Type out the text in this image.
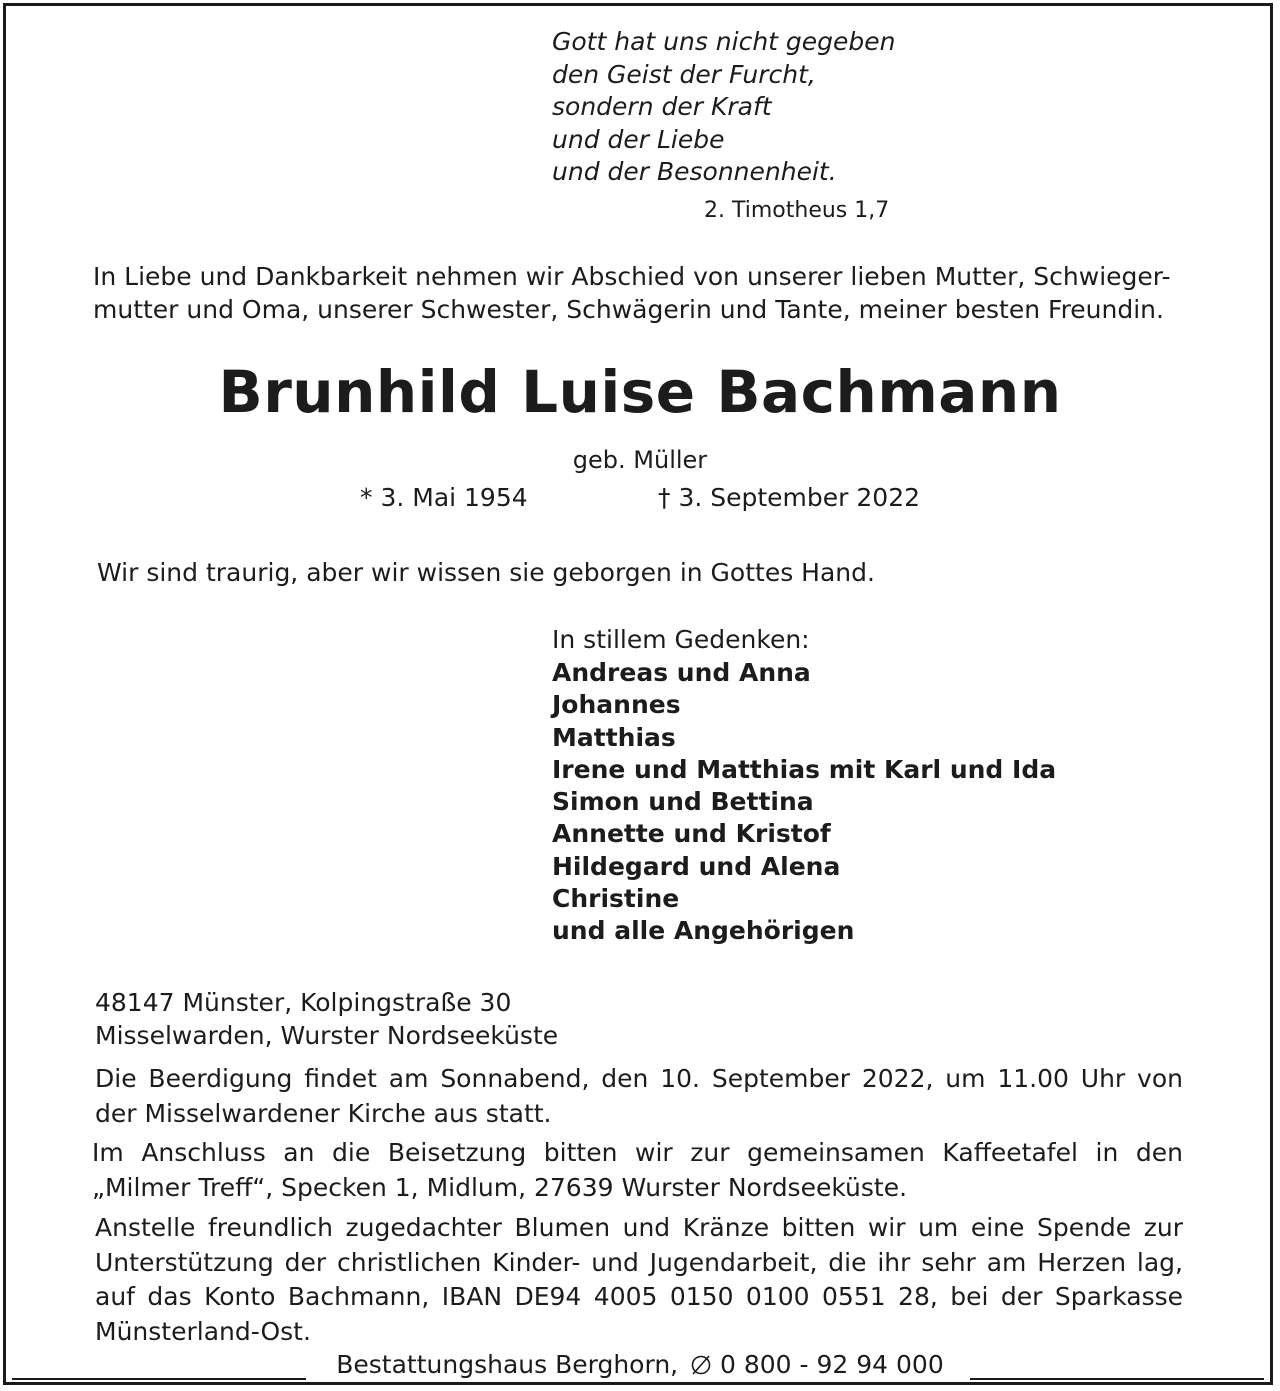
Gott hat uns nicht gegeben
den Geist der Furcht,
sondern der Kraft
und der Liebe
und der Besonnenheit.
2. Timotheus 1,7
In Liebe und Dankbarkeit nehmen wir Abschied von unserer lieben Mutter, Schwieger-
mutter und Oma, unserer Schwester, Schwägerin und Tante, meiner besten Freundin.
Brunhild Luise Bachmann
geb. Müller
* 3. Mai 1954	† 3. September 2022
Wir sind traurig, aber wir wissen sie geborgen in Gottes Hand.
In stillem Gedenken:
Andreas und Anna
Johannes
Matthias
Irene und Matthias mit Karl und Ida
Simon und Bettina
Annette und Kristof
Hildegard und Alena
Christine
und alle Angehörigen
48147 Münster, Kolpingstraße 30
Misselwarden, Wurster Nordseeküste
Die Beerdigung findet am Sonnabend, den 10. September 2022, um 11.00 Uhr von der Misselwardener Kirche aus statt.
Im Anschluss an die Beisetzung bitten wir zur gemeinsamen Kaffeetafel in den „Milmer Treff“, Specken 1, Midlum, 27639 Wurster Nordseeküste.
Anstelle freundlich zugedachter Blumen und Kränze bitten wir um eine Spende zur Unterstützung der christlichen Kinder- und Jugendarbeit, die ihr sehr am Herzen lag, auf das Konto Bachmann, IBAN DE94 4005 0150 0100 0551 28, bei der Sparkasse Münsterland-Ost.
Bestattungshaus Berghorn, 0 800 - 92 94 000
